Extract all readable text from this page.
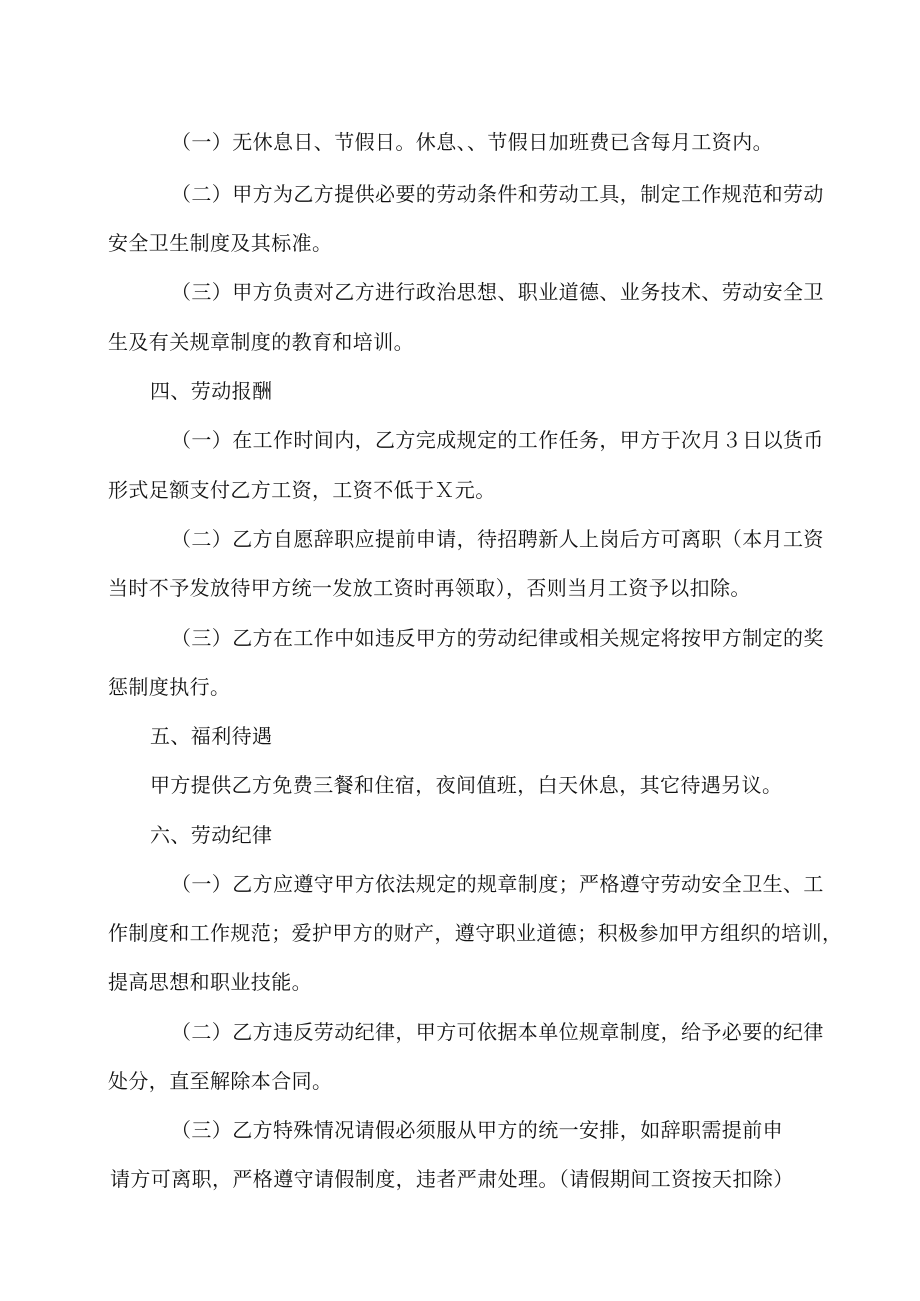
（一）无休息日、节假日。休息、、节假日加班费已含每月工资内。
（二）甲方为乙方提供必要的劳动条件和劳动工具，制定工作规范和劳动
安全卫生制度及其标准。
（三）甲方负责对乙方进行政治思想、职业道德、业务技术、劳动安全卫
生及有关规章制度的教育和培训。
四、劳动报酬
（一）在工作时间内，乙方完成规定的工作任务，甲方于次月３日以货币
形式足额支付乙方工资，工资不低于Ｘ元。
（二）乙方自愿辞职应提前申请，待招聘新人上岗后方可离职（本月工资
当时不予发放待甲方统一发放工资时再领取），否则当月工资予以扣除。
（三）乙方在工作中如违反甲方的劳动纪律或相关规定将按甲方制定的奖
惩制度执行。
五、福利待遇
甲方提供乙方免费三餐和住宿，夜间值班，白天休息，其它待遇另议。
六、劳动纪律
（一）乙方应遵守甲方依法规定的规章制度；严格遵守劳动安全卫生、工
作制度和工作规范；爱护甲方的财产，遵守职业道德；积极参加甲方组织的培训，
提高思想和职业技能。
（二）乙方违反劳动纪律，甲方可依据本单位规章制度，给予必要的纪律
处分，直至解除本合同。
（三）乙方特殊情况请假必须服从甲方的统一安排，如辞职需提前申
请方可离职，严格遵守请假制度，违者严肃处理。（请假期间工资按天扣除）
